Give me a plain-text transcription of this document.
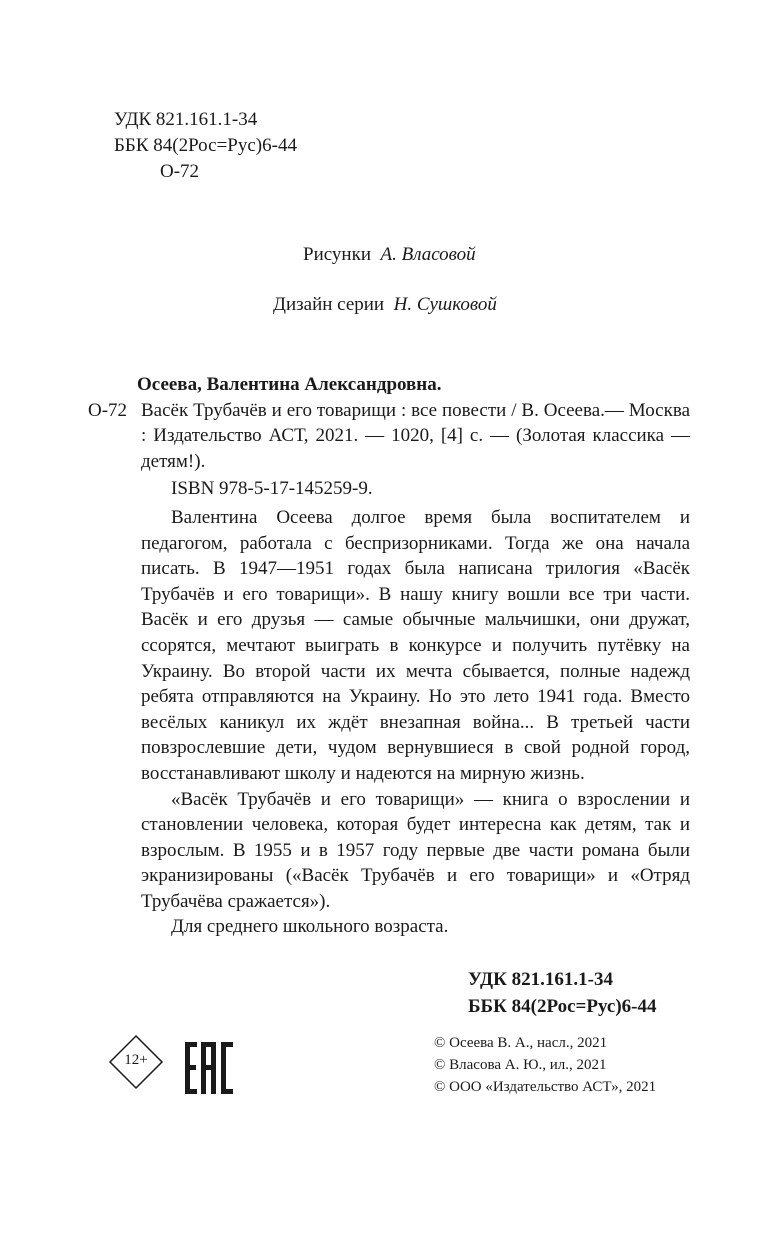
УДК 821.161.1-34
ББК 84(2Рос=Рус)6-44
О-72
Рисунки А. Власовой
Дизайн серии Н. Сушковой
Осеева, Валентина Александровна.
О-72 Васёк Трубачёв и его товарищи : все повести / В. Осеева.— Москва : Издательство АСТ, 2021. — 1020, [4] с. — (Золотая классика — детям!).
ISBN 978-5-17-145259-9.
Валентина Осеева долгое время была воспитателем и педагогом, работала с беспризорниками. Тогда же она начала писать. В 1947—1951 годах была написана трилогия «Васёк Трубачёв и его товарищи». В нашу книгу вошли все три части. Васёк и его друзья — самые обычные мальчишки, они дружат, ссорятся, мечтают выиграть в конкурсе и получить путёвку на Украину. Во второй части их мечта сбывается, полные надежд ребята отправляются на Украину. Но это лето 1941 года. Вместо весёлых каникул их ждёт внезапная война... В третьей части повзрослевшие дети, чудом вернувшиеся в свой родной город, восстанавливают школу и надеются на мирную жизнь.
«Васёк Трубачёв и его товарищи» — книга о взрослении и становлении человека, которая будет интересна как детям, так и взрослым. В 1955 и в 1957 году первые две части романа были экранизированы («Васёк Трубачёв и его товарищи» и «Отряд Трубачёва сражается»).
Для среднего школьного возраста.
УДК 821.161.1-34
ББК 84(2Рос=Рус)6-44
12+
© Осеева В. А., насл., 2021
© Власова А. Ю., ил., 2021
© ООО «Издательство АСТ», 2021
